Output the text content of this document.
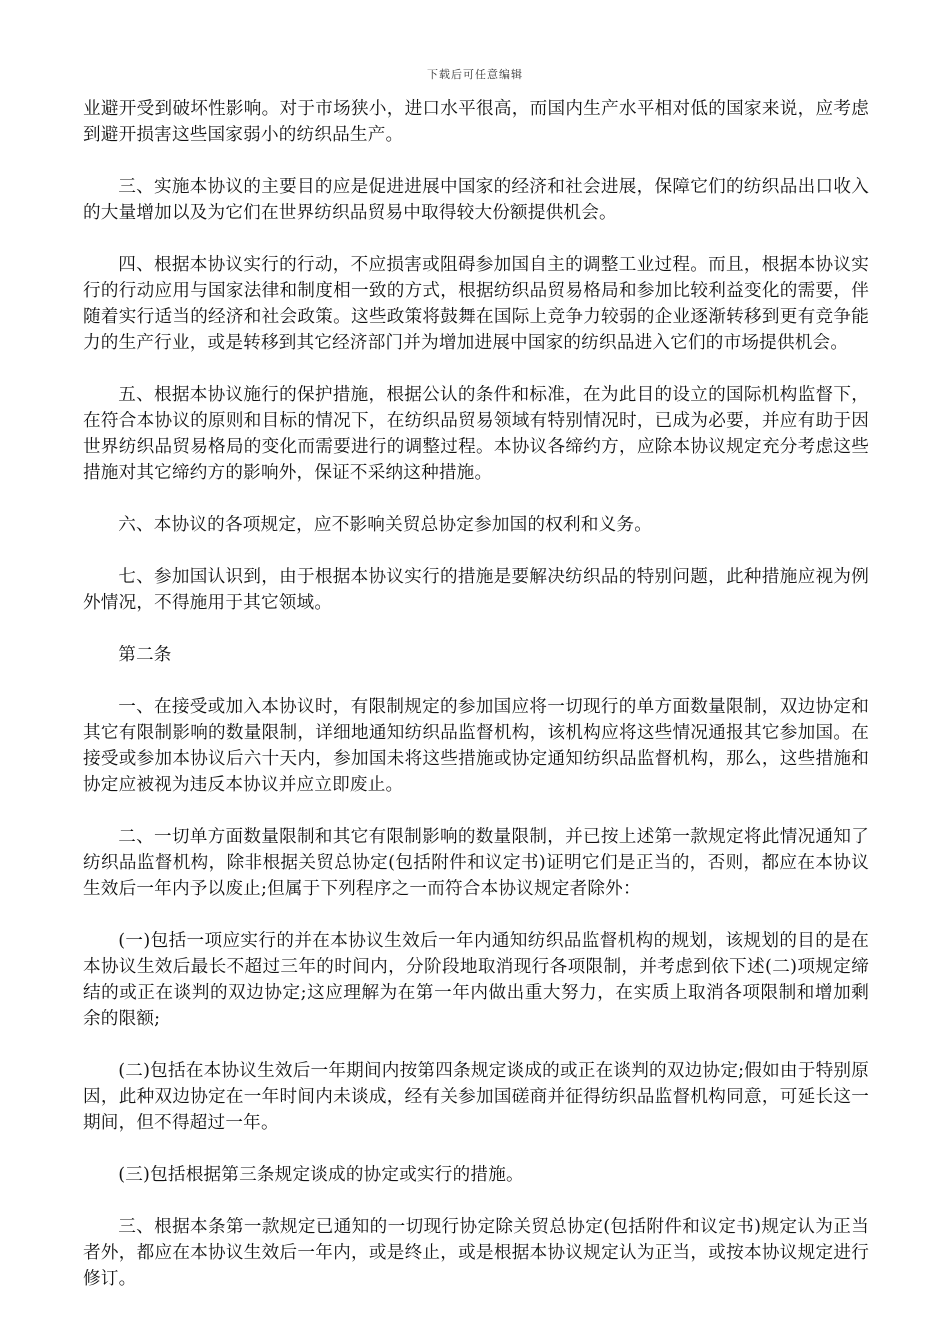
下载后可任意编辑

业避开受到破坏性影响。对于市场狭小，进口水平很高，而国内生产水平相对低的国家来说，应考虑到避开损害这些国家弱小的纺织品生产。

三、实施本协议的主要目的应是促进进展中国家的经济和社会进展，保障它们的纺织品出口收入的大量增加以及为它们在世界纺织品贸易中取得较大份额提供机会。

四、根据本协议实行的行动，不应损害或阻碍参加国自主的调整工业过程。而且，根据本协议实行的行动应用与国家法律和制度相一致的方式，根据纺织品贸易格局和参加比较利益变化的需要，伴随着实行适当的经济和社会政策。这些政策将鼓舞在国际上竞争力较弱的企业逐渐转移到更有竞争能力的生产行业，或是转移到其它经济部门并为增加进展中国家的纺织品进入它们的市场提供机会。

五、根据本协议施行的保护措施，根据公认的条件和标准，在为此目的设立的国际机构监督下，在符合本协议的原则和目标的情况下，在纺织品贸易领域有特别情况时，已成为必要，并应有助于因世界纺织品贸易格局的变化而需要进行的调整过程。本协议各缔约方，应除本协议规定充分考虑这些措施对其它缔约方的影响外，保证不采纳这种措施。

六、本协议的各项规定，应不影响关贸总协定参加国的权利和义务。

七、参加国认识到，由于根据本协议实行的措施是要解决纺织品的特别问题，此种措施应视为例外情况，不得施用于其它领域。

第二条

一、在接受或加入本协议时，有限制规定的参加国应将一切现行的单方面数量限制，双边协定和其它有限制影响的数量限制，详细地通知纺织品监督机构，该机构应将这些情况通报其它参加国。在接受或参加本协议后六十天内，参加国未将这些措施或协定通知纺织品监督机构，那么，这些措施和协定应被视为违反本协议并应立即废止。

二、一切单方面数量限制和其它有限制影响的数量限制，并已按上述第一款规定将此情况通知了纺织品监督机构，除非根据关贸总协定(包括附件和议定书)证明它们是正当的，否则，都应在本协议生效后一年内予以废止;但属于下列程序之一而符合本协议规定者除外：

(一)包括一项应实行的并在本协议生效后一年内通知纺织品监督机构的规划，该规划的目的是在本协议生效后最长不超过三年的时间内，分阶段地取消现行各项限制，并考虑到依下述(二)项规定缔结的或正在谈判的双边协定;这应理解为在第一年内做出重大努力，在实质上取消各项限制和增加剩余的限额;

(二)包括在本协议生效后一年期间内按第四条规定谈成的或正在谈判的双边协定;假如由于特别原因，此种双边协定在一年时间内未谈成，经有关参加国磋商并征得纺织品监督机构同意，可延长这一期间，但不得超过一年。

(三)包括根据第三条规定谈成的协定或实行的措施。

三、根据本条第一款规定已通知的一切现行协定除关贸总协定(包括附件和议定书)规定认为正当者外，都应在本协议生效后一年内，或是终止，或是根据本协议规定认为正当，或按本协议规定进行修订。
